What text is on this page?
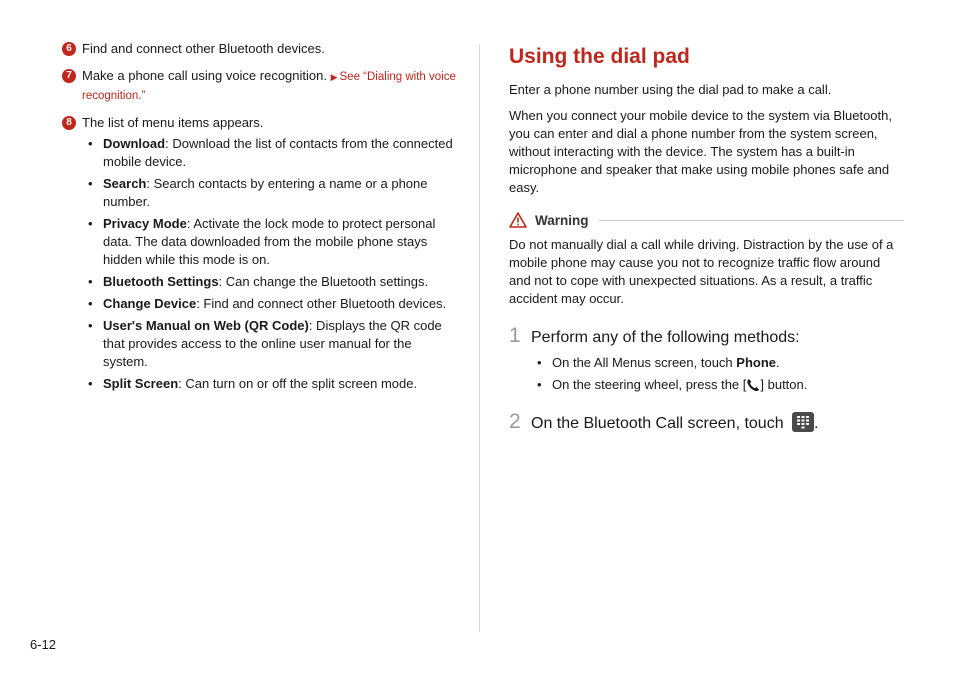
6 Find and connect other Bluetooth devices.
7 Make a phone call using voice recognition. ▶ See “Dialing with voice recognition.”
8 The list of menu items appears.
• Download: Download the list of contacts from the connected mobile device.
• Search: Search contacts by entering a name or a phone number.
• Privacy Mode: Activate the lock mode to protect personal data. The data downloaded from the mobile phone stays hidden while this mode is on.
• Bluetooth Settings: Can change the Bluetooth settings.
• Change Device: Find and connect other Bluetooth devices.
• User's Manual on Web (QR Code): Displays the QR code that provides access to the online user manual for the system.
• Split Screen: Can turn on or off the split screen mode.
Using the dial pad

Enter a phone number using the dial pad to make a call.

When you connect your mobile device to the system via Bluetooth, you can enter and dial a phone number from the system screen, without interacting with the device. The system has a built-in microphone and speaker that make using mobile phones safe and easy.

Warning

Do not manually dial a call while driving. Distraction by the use of a mobile phone may cause you not to recognize traffic flow around and not to cope with unexpected situations. As a result, a traffic accident may occur.

1 Perform any of the following methods:
• On the All Menus screen, touch Phone.
• On the steering wheel, press the [ ] button.
2 On the Bluetooth Call screen, touch
.
6-12
